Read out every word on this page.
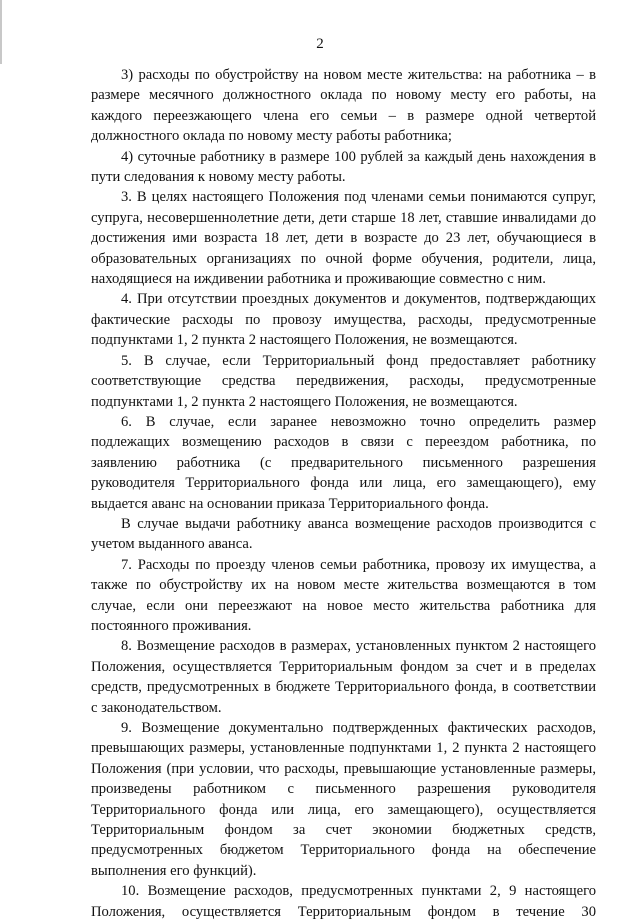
2

3) расходы по обустройству на новом месте жительства: на работника – в размере месячного должностного оклада по новому месту его работы, на каждого переезжающего члена его семьи – в размере одной четвертой должностного оклада по новому месту работы работника;

4) суточные работнику в размере 100 рублей за каждый день нахождения в пути следования к новому месту работы.

3. В целях настоящего Положения под членами семьи понимаются супруг, супруга, несовершеннолетние дети, дети старше 18 лет, ставшие инвалидами до достижения ими возраста 18 лет, дети в возрасте до 23 лет, обучающиеся в образовательных организациях по очной форме обучения, родители, лица, находящиеся на иждивении работника и проживающие совместно с ним.

4. При отсутствии проездных документов и документов, подтверждающих фактические расходы по провозу имущества, расходы, предусмотренные подпунктами 1, 2 пункта 2 настоящего Положения, не возмещаются.

5. В случае, если Территориальный фонд предоставляет работнику соответствующие средства передвижения, расходы, предусмотренные подпунктами 1, 2 пункта 2 настоящего Положения, не возмещаются.

6. В случае, если заранее невозможно точно определить размер подлежащих возмещению расходов в связи с переездом работника, по заявлению работника (с предварительного письменного разрешения руководителя Территориального фонда или лица, его замещающего), ему выдается аванс на основании приказа Территориального фонда.

В случае выдачи работнику аванса возмещение расходов производится с учетом выданного аванса.

7. Расходы по проезду членов семьи работника, провозу их имущества, а также по обустройству их на новом месте жительства возмещаются в том случае, если они переезжают на новое место жительства работника для постоянного проживания.

8. Возмещение расходов в размерах, установленных пунктом 2 настоящего Положения, осуществляется Территориальным фондом за счет и в пределах средств, предусмотренных в бюджете Территориального фонда, в соответствии с законодательством.

9. Возмещение документально подтвержденных фактических расходов, превышающих размеры, установленные подпунктами 1, 2 пункта 2 настоящего Положения (при условии, что расходы, превышающие установленные размеры, произведены работником с письменного разрешения руководителя Территориального фонда или лица, его замещающего), осуществляется Территориальным фондом за счет экономии бюджетных средств, предусмотренных бюджетом Территориального фонда на обеспечение выполнения его функций).

10. Возмещение расходов, предусмотренных пунктами 2, 9 настоящего Положения, осуществляется Территориальным фондом в течение 30
